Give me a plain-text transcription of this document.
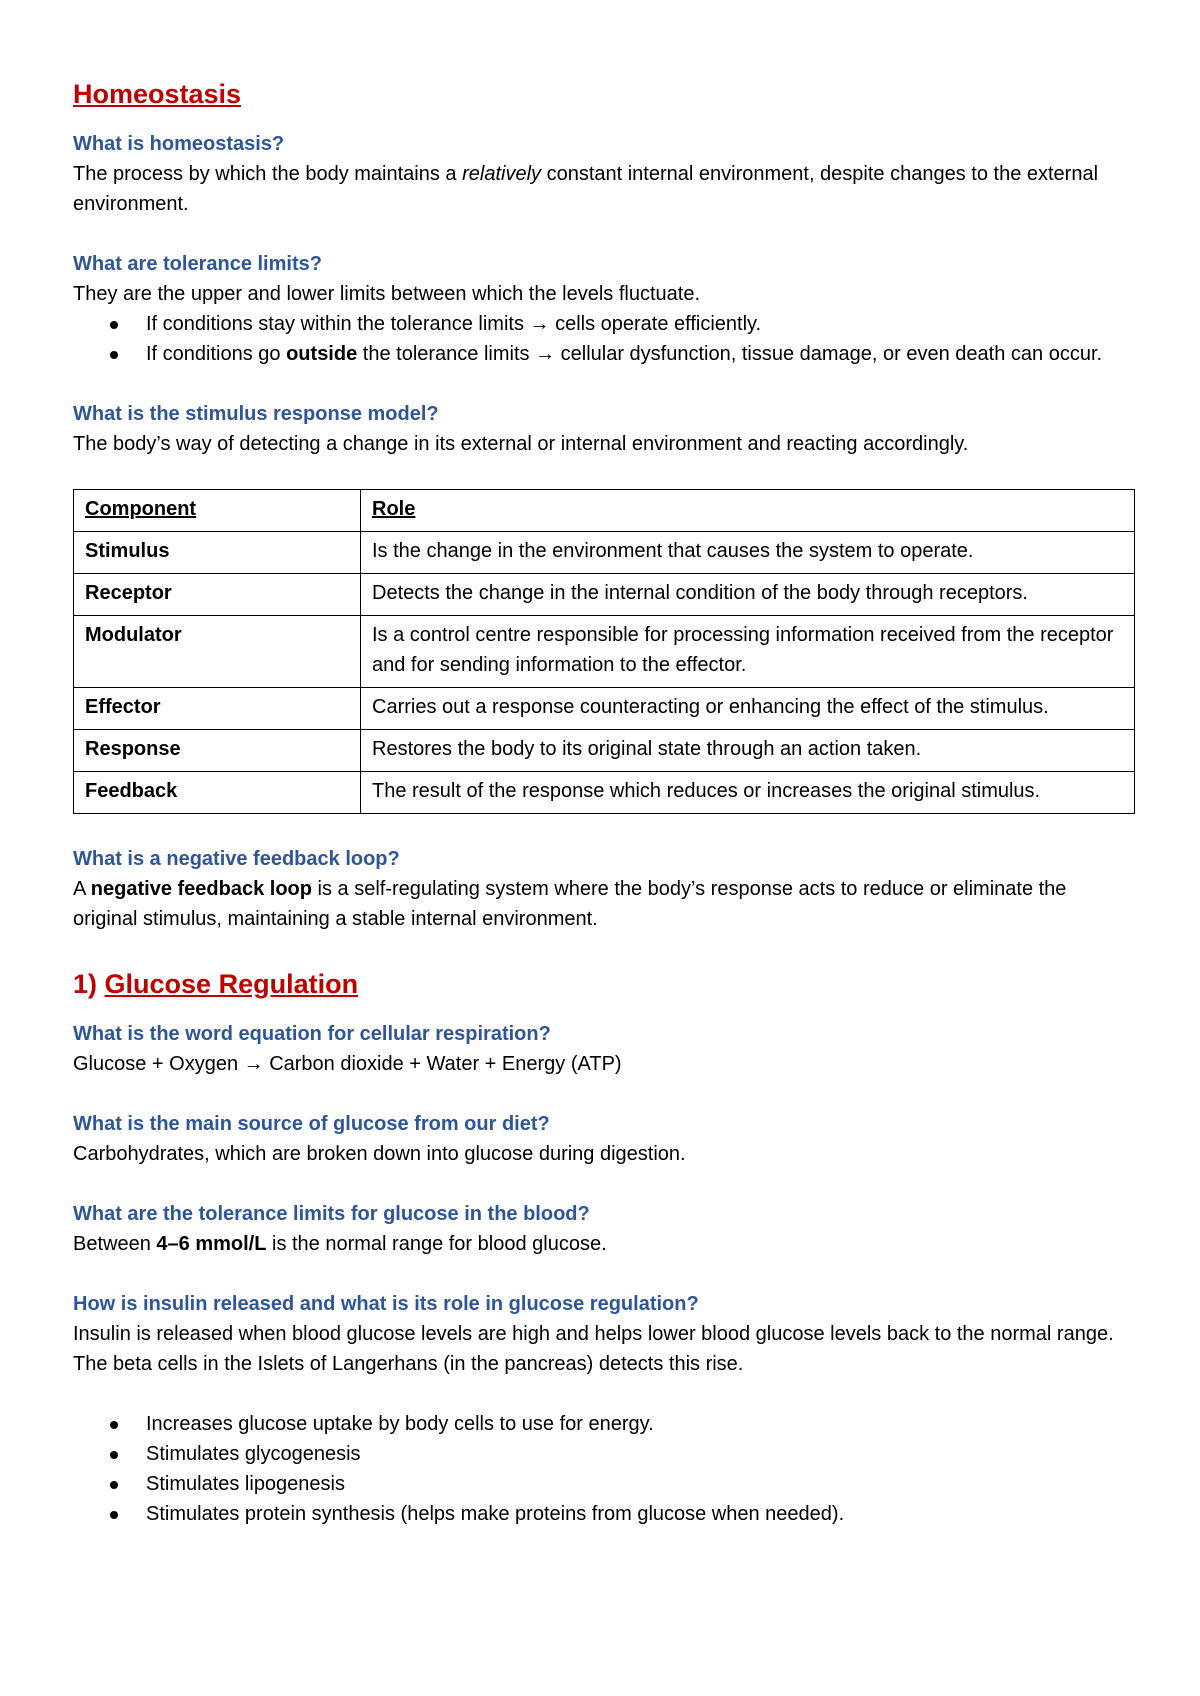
Homeostasis

What is homeostasis?

The process by which the body maintains a relatively constant internal environment, despite changes to the external environment.

What are tolerance limits?

They are the upper and lower limits between which the levels fluctuate.

If conditions stay within the tolerance limits → cells operate efficiently.
If conditions go outside the tolerance limits → cellular dysfunction, tissue damage, or even death can occur.

What is the stimulus response model?

The body’s way of detecting a change in its external or internal environment and reacting accordingly.

Component	Role
Stimulus	Is the change in the environment that causes the system to operate.
Receptor	Detects the change in the internal condition of the body through receptors.
Modulator	Is a control centre responsible for processing information received from the receptor and for sending information to the effector.
Effector	Carries out a response counteracting or enhancing the effect of the stimulus.
Response	Restores the body to its original state through an action taken.
Feedback	The result of the response which reduces or increases the original stimulus.

What is a negative feedback loop?

A negative feedback loop is a self-regulating system where the body’s response acts to reduce or eliminate the original stimulus, maintaining a stable internal environment.

1) Glucose Regulation

What is the word equation for cellular respiration?

Glucose + Oxygen → Carbon dioxide + Water + Energy (ATP)

What is the main source of glucose from our diet?

Carbohydrates, which are broken down into glucose during digestion.

What are the tolerance limits for glucose in the blood?

Between 4–6 mmol/L is the normal range for blood glucose.

How is insulin released and what is its role in glucose regulation?

Insulin is released when blood glucose levels are high and helps lower blood glucose levels back to the normal range. The beta cells in the Islets of Langerhans (in the pancreas) detects this rise.

Increases glucose uptake by body cells to use for energy.
Stimulates glycogenesis
Stimulates lipogenesis
Stimulates protein synthesis (helps make proteins from glucose when needed).
